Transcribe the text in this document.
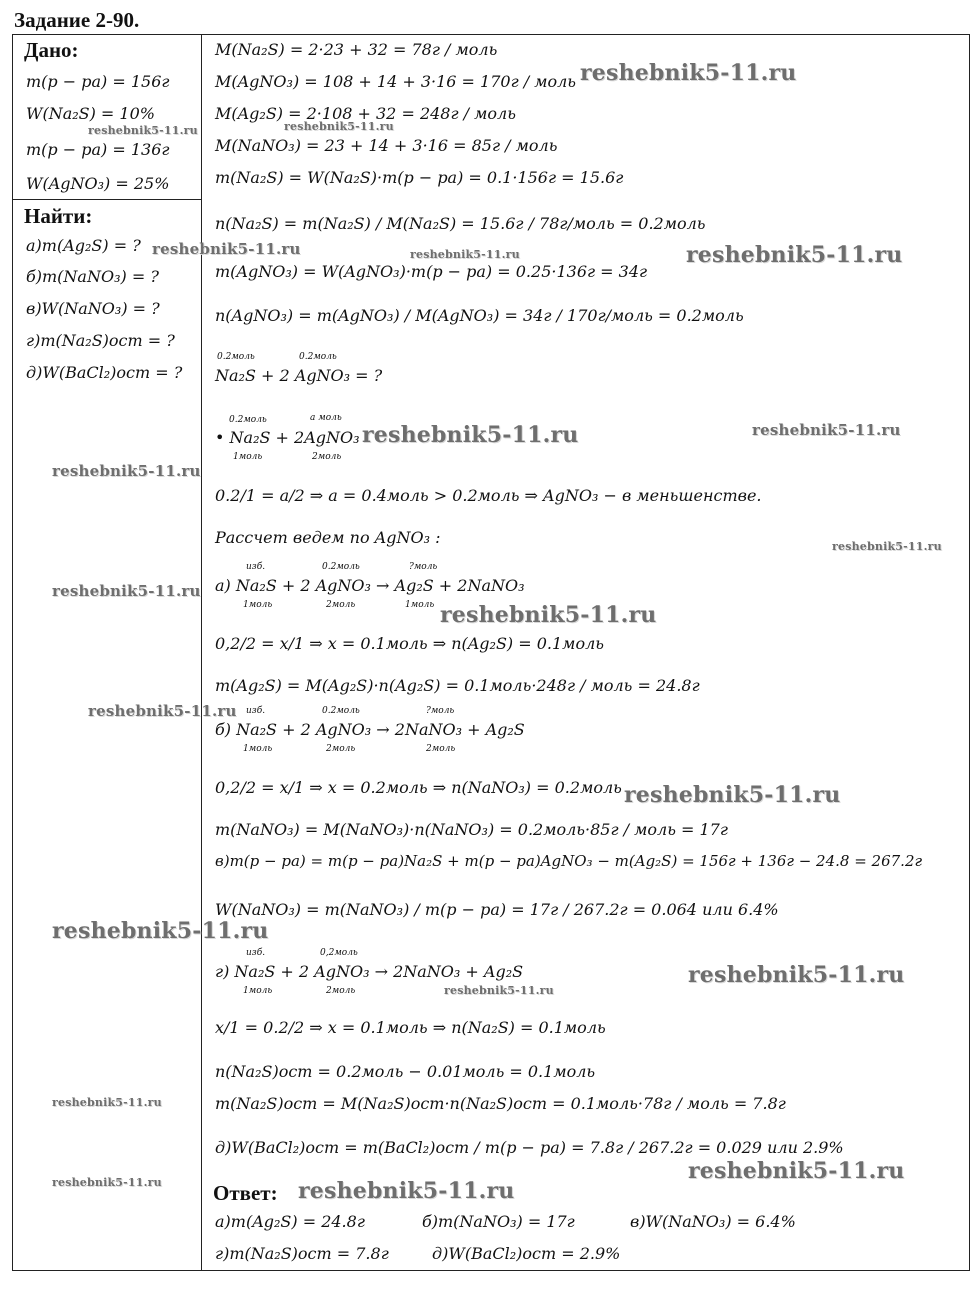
Задание 2-90.
Дано:
m(p − pa) = 156г
W(Na₂S) = 10%
m(p − pa) = 136г
W(AgNO₃) = 25%
Найти:
a)m(Ag₂S) = ?
б)m(NaNO₃) = ?
в)W(NaNO₃) = ?
г)m(Na₂S)ост = ?
д)W(BaCl₂)ост = ?
M(Na₂S) = 2·23 + 32 = 78г / моль
M(AgNO₃) = 108 + 14 + 3·16 = 170г / моль
M(Ag₂S) = 2·108 + 32 = 248г / моль
M(NaNO₃) = 23 + 14 + 3·16 = 85г / моль
m(Na₂S) = W(Na₂S)·m(p − pa) = 0.1·156г = 15.6г
n(Na₂S) = m(Na₂S) / M(Na₂S) = 15.6г / 78г/моль = 0.2моль
m(AgNO₃) = W(AgNO₃)·m(p − pa) = 0.25·136г = 34г
n(AgNO₃) = m(AgNO₃) / M(AgNO₃) = 34г / 170г/моль = 0.2моль
Na₂S + 2 AgNO₃ = ?
• Na₂S + 2AgNO₃
0.2/1 = a/2 ⇒ a = 0.4моль > 0.2моль ⇒ AgNO₃ − в меньшенстве.
Рассчет ведем по AgNO₃ :
a) Na₂S + 2 AgNO₃ → Ag₂S + 2NaNO₃
0,2/2 = x/1 ⇒ x = 0.1моль ⇒ n(Ag₂S) = 0.1моль
m(Ag₂S) = M(Ag₂S)·n(Ag₂S) = 0.1моль·248г / моль = 24.8г
б) Na₂S + 2 AgNO₃ → 2NaNO₃ + Ag₂S
0,2/2 = x/1 ⇒ x = 0.2моль ⇒ n(NaNO₃) = 0.2моль
m(NaNO₃) = M(NaNO₃)·n(NaNO₃) = 0.2моль·85г / моль = 17г
в)m(p − pa) = m(p − pa)Na₂S + m(p − pa)AgNO₃ − m(Ag₂S) = 156г + 136г − 24.8 = 267.2г
W(NaNO₃) = m(NaNO₃) / m(p − pa) = 17г / 267.2г = 0.064 или 6.4%
г) Na₂S + 2 AgNO₃ → 2NaNO₃ + Ag₂S
x/1 = 0.2/2 ⇒ x = 0.1моль ⇒ n(Na₂S) = 0.1моль
n(Na₂S)ост = 0.2моль − 0.01моль = 0.1моль
m(Na₂S)ост = M(Na₂S)ост·n(Na₂S)ост = 0.1моль·78г / моль = 7.8г
д)W(BaCl₂)ост = m(BaCl₂)ост / m(p − pa) = 7.8г / 267.2г = 0.029 или 2.9%
0.2моль	0.2моль
0.2моль	а моль
1моль	2моль
изб.	0.2моль	?моль
1моль	2моль	1моль
изб.	0.2моль	?моль
1моль	2моль	2моль
изб.	0,2моль
1моль	2моль
Ответ:
a)m(Ag₂S) = 24.8г	б)m(NaNO₃) = 17г	в)W(NaNO₃) = 6.4%
г)m(Na₂S)ост = 7.8г	д)W(BaCl₂)ост = 2.9%
reshebnik5-11.ru
reshebnik5-11.ru	reshebnik5-11.ru
reshebnik5-11.ru	reshebnik5-11.ru	reshebnik5-11.ru
reshebnik5-11.ru	reshebnik5-11.ru
reshebnik5-11.ru
reshebnik5-11.ru
reshebnik5-11.ru
reshebnik5-11.ru
reshebnik5-11.ru
reshebnik5-11.ru
reshebnik5-11.ru
reshebnik5-11.ru
reshebnik5-11.ru
reshebnik5-11.ru
reshebnik5-11.ru
reshebnik5-11.ru	reshebnik5-11.ru
